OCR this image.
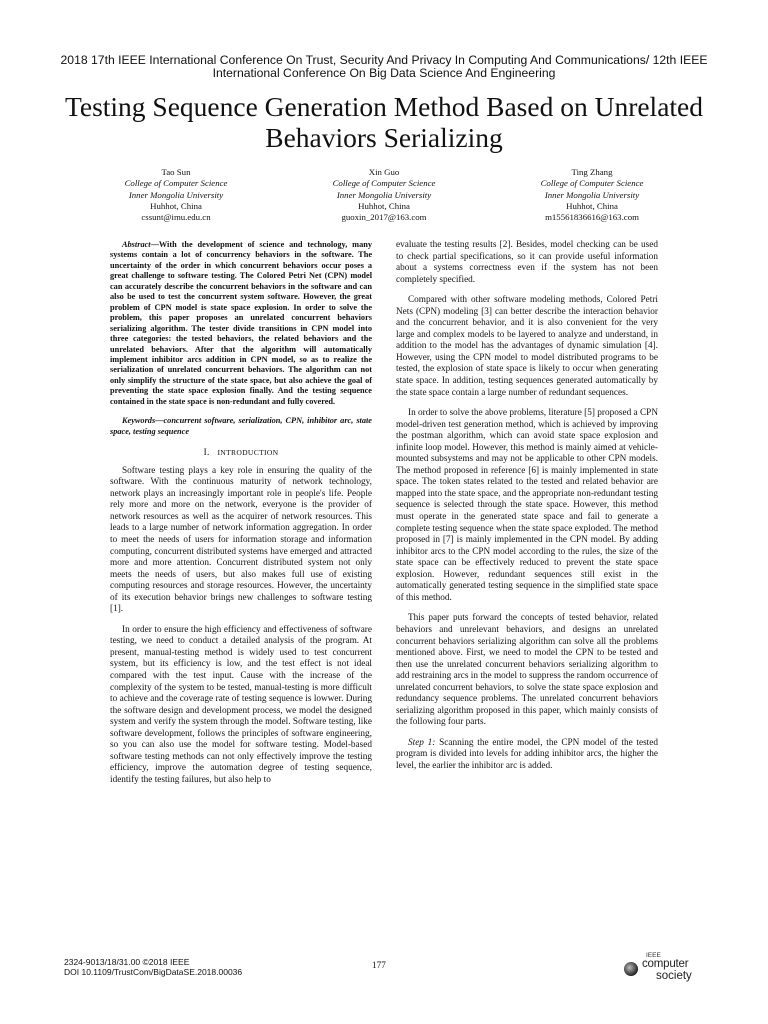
2018 17th IEEE International Conference On Trust, Security And Privacy In Computing And Communications/ 12th IEEE International Conference On Big Data Science And Engineering
Testing Sequence Generation Method Based on Unrelated Behaviors Serializing
Tao Sun
College of Computer Science
Inner Mongolia University
Huhhot, China
cssunt@imu.edu.cn
Xin Guo
College of Computer Science
Inner Mongolia University
Huhhot, China
guoxin_2017@163.com
Ting Zhang
College of Computer Science
Inner Mongolia University
Huhhot, China
m15561836616@163.com
Abstract—With the development of science and technology, many systems contain a lot of concurrency behaviors in the software. The uncertainty of the order in which concurrent behaviors occur poses a great challenge to software testing. The Colored Petri Net (CPN) model can accurately describe the concurrent behaviors in the software and can also be used to test the concurrent system software. However, the great problem of CPN model is state space explosion. In order to solve the problem, this paper proposes an unrelated concurrent behaviors serializing algorithm. The tester divide transitions in CPN model into three categories: the tested behaviors, the related behaviors and the unrelated behaviors. After that the algorithm will automatically implement inhibitor arcs addition in CPN model, so as to realize the serialization of unrelated concurrent behaviors. The algorithm can not only simplify the structure of the state space, but also achieve the goal of preventing the state space explosion finally. And the testing sequence contained in the state space is non-redundant and fully covered.
Keywords—concurrent software, serialization, CPN, inhibitor arc, state space, testing sequence
I. INTRODUCTION

Software testing plays a key role in ensuring the quality of the software. With the continuous maturity of network technology, network plays an increasingly important role in people's life. People rely more and more on the network, everyone is the provider of network resources as well as the acquirer of network resources. This leads to a large number of network information aggregation. In order to meet the needs of users for information storage and information computing, concurrent distributed systems have emerged and attracted more and more attention. Concurrent distributed system not only meets the needs of users, but also makes full use of existing computing resources and storage resources. However, the uncertainty of its execution behavior brings new challenges to software testing [1].

In order to ensure the high efficiency and effectiveness of software testing, we need to conduct a detailed analysis of the program. At present, manual-testing method is widely used to test concurrent system, but its efficiency is low, and the test effect is not ideal compared with the test input. Cause with the increase of the complexity of the system to be tested, manual-testing is more difficult to achieve and the coverage rate of testing sequence is lowwer. During the software design and development process, we model the designed system and verify the system through the model. Software testing, like software development, follows the principles of software engineering, so you can also use the model for software testing. Model-based software testing methods can not only effectively improve the testing efficiency, improve the automation degree of testing sequence, identify the testing failures, but also help to

evaluate the testing results [2]. Besides, model checking can be used to check partial specifications, so it can provide useful information about a systems correctness even if the system has not been completely specified.

Compared with other software modeling methods, Colored Petri Nets (CPN) modeling [3] can better describe the interaction behavior and the concurrent behavior, and it is also convenient for the very large and complex models to be layered to analyze and understand, in addition to the model has the advantages of dynamic simulation [4]. However, using the CPN model to model distributed programs to be tested, the explosion of state space is likely to occur when generating state space. In addition, testing sequences generated automatically by the state space contain a large number of redundant sequences.

In order to solve the above problems, literature [5] proposed a CPN model-driven test generation method, which is achieved by improving the postman algorithm, which can avoid state space explosion and infinite loop model. However, this method is mainly aimed at vehicle-mounted subsystems and may not be applicable to other CPN models. The method proposed in reference [6] is mainly implemented in state space. The token states related to the tested and related behavior are mapped into the state space, and the appropriate non-redundant testing sequence is selected through the state space. However, this method must operate in the generated state space and fail to generate a complete testing sequence when the state space exploded. The method proposed in [7] is mainly implemented in the CPN model. By adding inhibitor arcs to the CPN model according to the rules, the size of the state space can be effectively reduced to prevent the state space explosion. However, redundant sequences still exist in the automatically generated testing sequence in the simplified state space of this method.

This paper puts forward the concepts of tested behavior, related behaviors and unrelevant behaviors, and designs an unrelated concurrent behaviors serializing algorithm can solve all the problems mentioned above. First, we need to model the CPN to be tested and then use the unrelated concurrent behaviors serializing algorithm to add restraining arcs in the model to suppress the random occurrence of unrelated concurrent behaviors, to solve the state space explosion and redundancy sequence problems. The unrelated concurrent behaviors serializing algorithm proposed in this paper, which mainly consists of the following four parts.

Step 1: Scanning the entire model, the CPN model of the tested program is divided into levels for adding inhibitor arcs, the higher the level, the earlier the inhibitor arc is added.

2324-9013/18/31.00 ©2018 IEEE
DOI 10.1109/TrustCom/BigDataSE.2018.00036
177
IEEE
computer
society
